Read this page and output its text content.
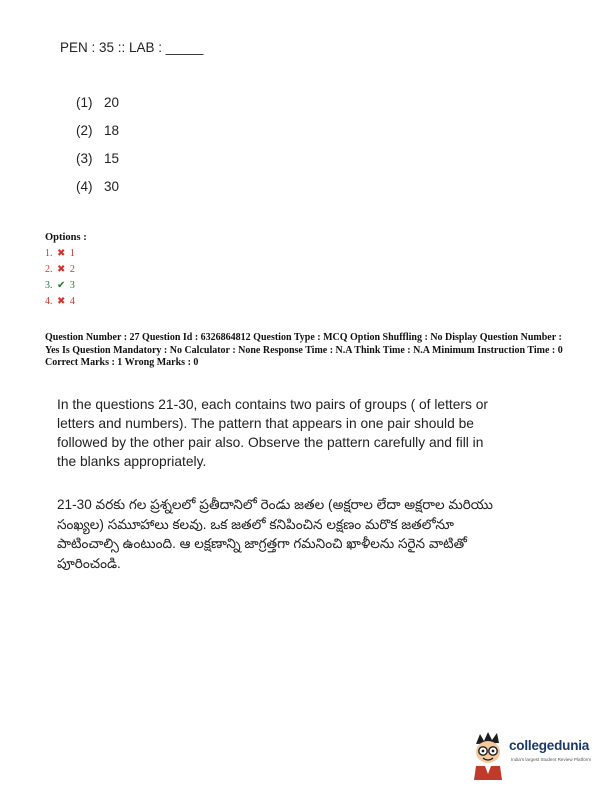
PEN : 35 :: LAB : _____
(1) 20
(2) 18
(3) 15
(4) 30
Options :
1. ✖ 1
2. ✖ 2
3. ✔ 3
4. ✖ 4
Question Number : 27 Question Id : 6326864812 Question Type : MCQ Option Shuffling : No Display Question Number : Yes Is Question Mandatory : No Calculator : None Response Time : N.A Think Time : N.A Minimum Instruction Time : 0
Correct Marks : 1 Wrong Marks : 0
In the questions 21-30, each contains two pairs of groups ( of letters or letters and numbers). The pattern that appears in one pair should be followed by the other pair also. Observe the pattern carefully and fill in the blanks appropriately.
21-30 వరకు గల ప్రశ్నలలో ప్రతీదానిలో రెండు జతల (అక్షరాల లేదా అక్షరాల మరియు సంఖ్యల) సమూహాలు కలవు. ఒక జతలో కనిపించిన లక్షణం మరొక జతలోనూ పాటించాల్సి ఉంటుంది. ఆ లక్షణాన్ని జాగ్రత్తగా గమనించి ఖాళీలను సరైన వాటితో పూరించండి.
collegedunia
India's largest Student Review Platform
